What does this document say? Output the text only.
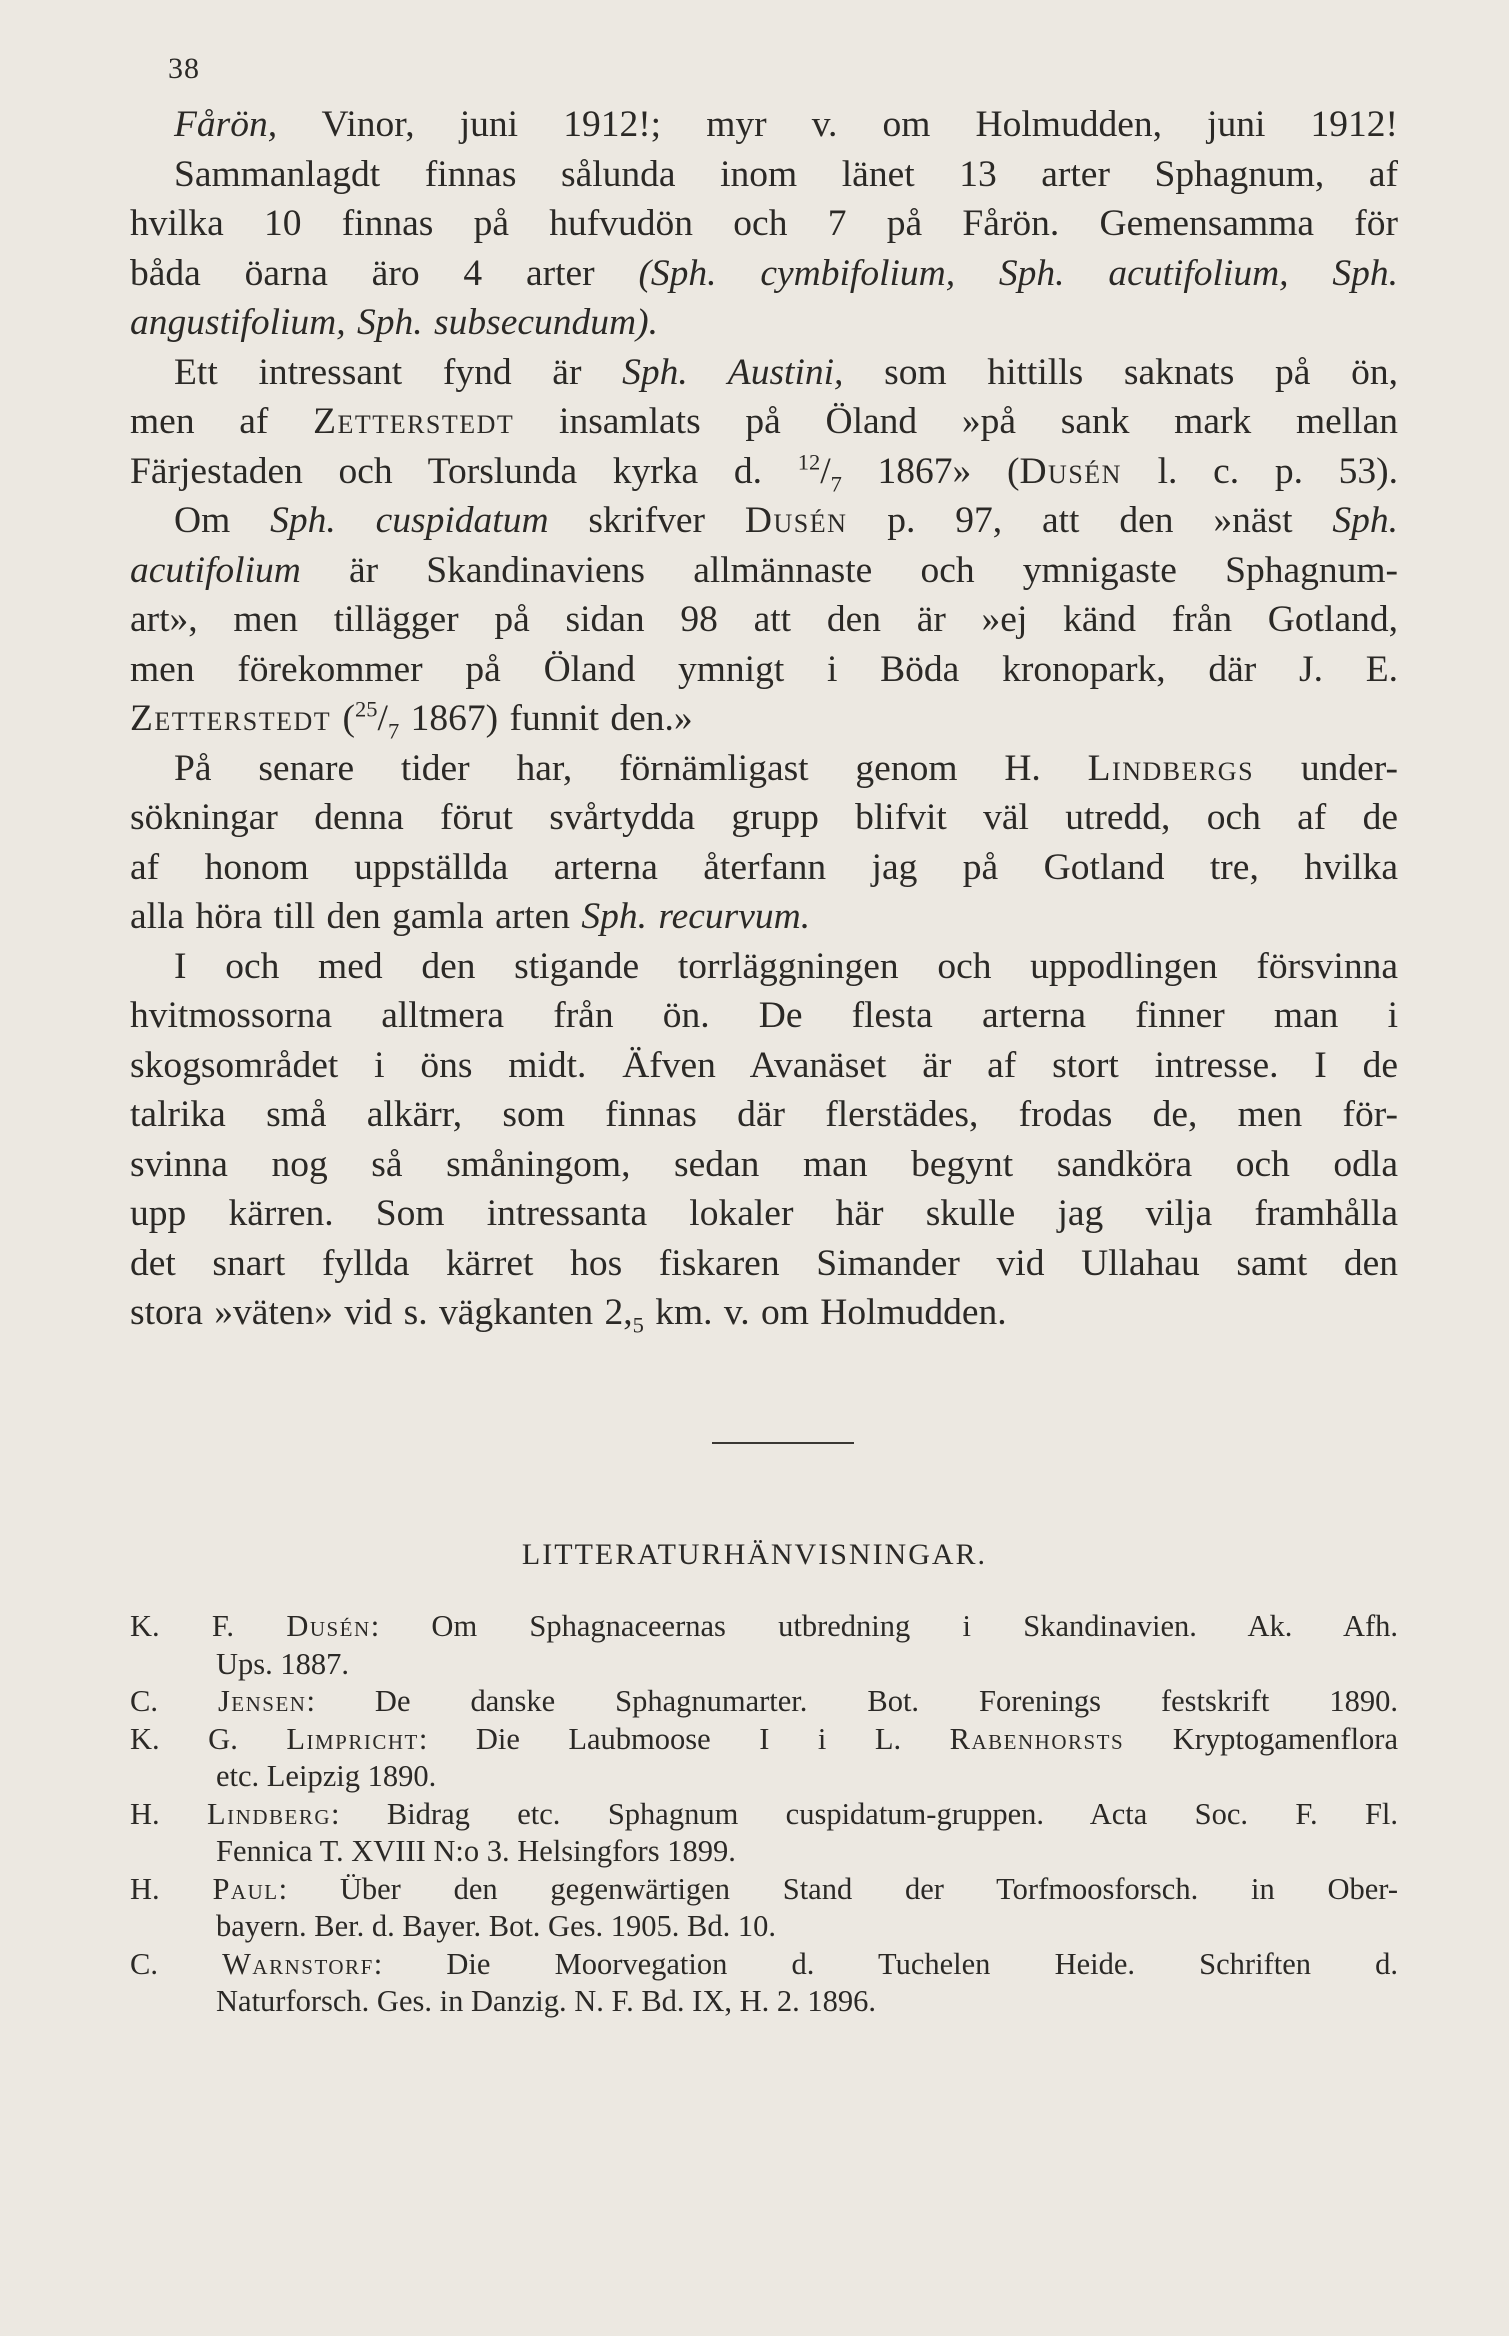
38
Fårön, Vinor, juni 1912!; myr v. om Holmudden, juni 1912!
Sammanlagdt finnas sålunda inom länet 13 arter Sphagnum, af
hvilka 10 finnas på hufvudön och 7 på Fårön. Gemensamma för
båda öarna äro 4 arter (Sph. cymbifolium, Sph. acutifolium, Sph.
angustifolium, Sph. subsecundum).
Ett intressant fynd är Sph. Austini, som hittills saknats på ön,
men af Zetterstedt insamlats på Öland »på sank mark mellan
Färjestaden och Torslunda kyrka d. $^{12}/_7$ 1867» (Dusén l. c. p. 53).
Om Sph. cuspidatum skrifver Dusén p. 97, att den »näst Sph.
acutifolium är Skandinaviens allmännaste och ymnigaste Sphagnum-
art», men tillägger på sidan 98 att den är »ej känd från Gotland,
men förekommer på Öland ymnigt i Böda kronopark, där J. E.
Zetterstedt ($^{25}/_7$ 1867) funnit den.»
På senare tider har, förnämligast genom H. Lindbergs under-
sökningar denna förut svårtydda grupp blifvit väl utredd, och af de
af honom uppställda arterna återfann jag på Gotland tre, hvilka
alla höra till den gamla arten Sph. recurvum.
I och med den stigande torrläggningen och uppodlingen försvinna
hvitmossorna alltmera från ön. De flesta arterna finner man i
skogsområdet i öns midt. Äfven Avanäset är af stort intresse. I de
talrika små alkärr, som finnas där flerstädes, frodas de, men för-
svinna nog så småningom, sedan man begynt sandköra och odla
upp kärren. Som intressanta lokaler här skulle jag vilja framhålla
det snart fyllda kärret hos fiskaren Simander vid Ullahau samt den
stora »väten» vid s. vägkanten $2,_5$ km. v. om Holmudden.
LITTERATURHÄNVISNINGAR.
K. F. Dusén: Om Sphagnaceernas utbredning i Skandinavien. Ak. Afh.
Ups. 1887.
C. Jensen: De danske Sphagnumarter. Bot. Forenings festskrift 1890.
K. G. Limpricht: Die Laubmoose I i L. Rabenhorsts Kryptogamenflora
etc. Leipzig 1890.
H. Lindberg: Bidrag etc. Sphagnum cuspidatum-gruppen. Acta Soc. F. Fl.
Fennica T. XVIII N:o 3. Helsingfors 1899.
H. Paul: Über den gegenwärtigen Stand der Torfmoosforsch. in Ober-
bayern. Ber. d. Bayer. Bot. Ges. 1905. Bd. 10.
C. Warnstorf: Die Moorvegation d. Tuchelen Heide. Schriften d.
Naturforsch. Ges. in Danzig. N. F. Bd. IX, H. 2. 1896.
